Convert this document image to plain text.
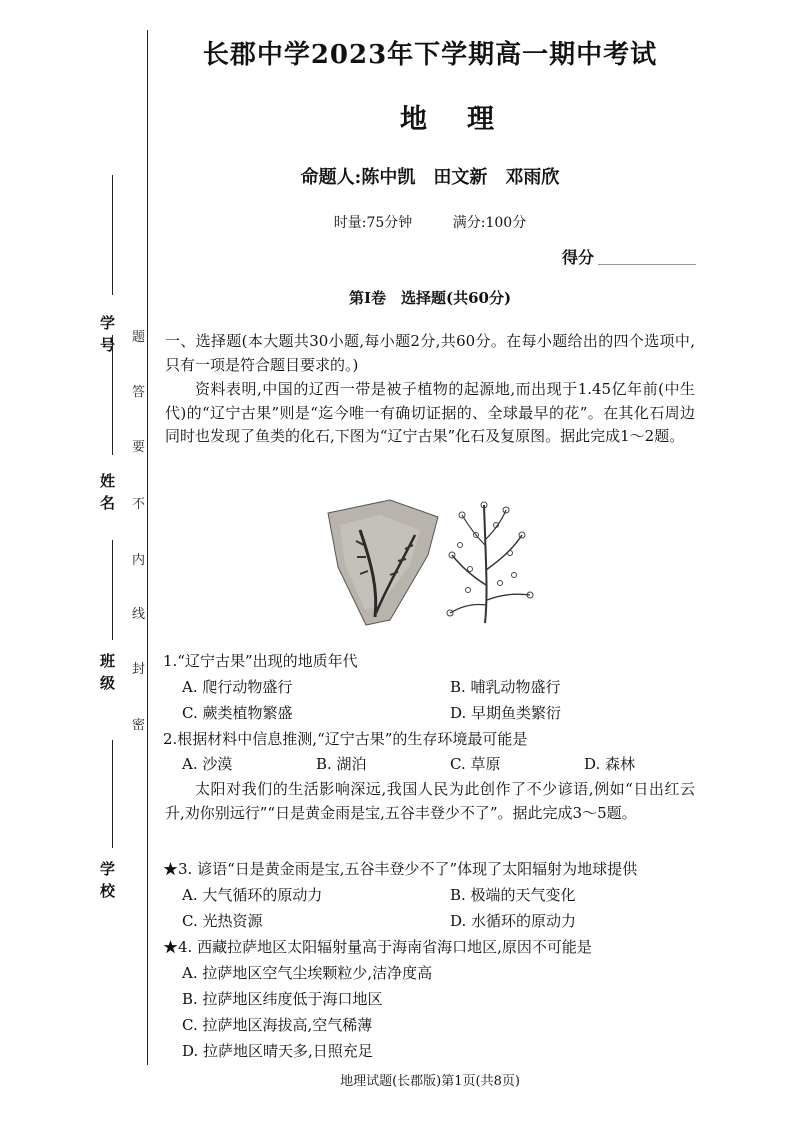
学号
姓名
班级
学校
题
答
要
不
内
线
封
密
长郡中学2023年下学期高一期中考试
地理
命题人:陈中凯　田文新　邓雨欣
时量:75分钟	满分:100分
得分
第Ⅰ卷　选择题(共60分)
一、选择题(本大题共30小题,每小题2分,共60分。在每小题给出的四个选项中,只有一项是符合题目要求的。)
资料表明,中国的辽西一带是被子植物的起源地,而出现于1.45亿年前(中生代)的“辽宁古果”则是“迄今唯一有确切证据的、全球最早的花”。在其化石周边同时也发现了鱼类的化石,下图为“辽宁古果”化石及复原图。据此完成1～2题。
1.“辽宁古果”出现的地质年代
A. 爬行动物盛行	B. 哺乳动物盛行
C. 蕨类植物繁盛	D. 早期鱼类繁衍
2.根据材料中信息推测,“辽宁古果”的生存环境最可能是
A. 沙漠	B. 湖泊	C. 草原	D. 森林
太阳对我们的生活影响深远,我国人民为此创作了不少谚语,例如“日出红云升,劝你别远行”“日是黄金雨是宝,五谷丰登少不了”。据此完成3～5题。
★3. 谚语“日是黄金雨是宝,五谷丰登少不了”体现了太阳辐射为地球提供
A. 大气循环的原动力	B. 极端的天气变化
C. 光热资源	D. 水循环的原动力
★4. 西藏拉萨地区太阳辐射量高于海南省海口地区,原因不可能是
A. 拉萨地区空气尘埃颗粒少,洁净度高
B. 拉萨地区纬度低于海口地区
C. 拉萨地区海拔高,空气稀薄
D. 拉萨地区晴天多,日照充足
地理试题(长郡版)第1页(共8页)
